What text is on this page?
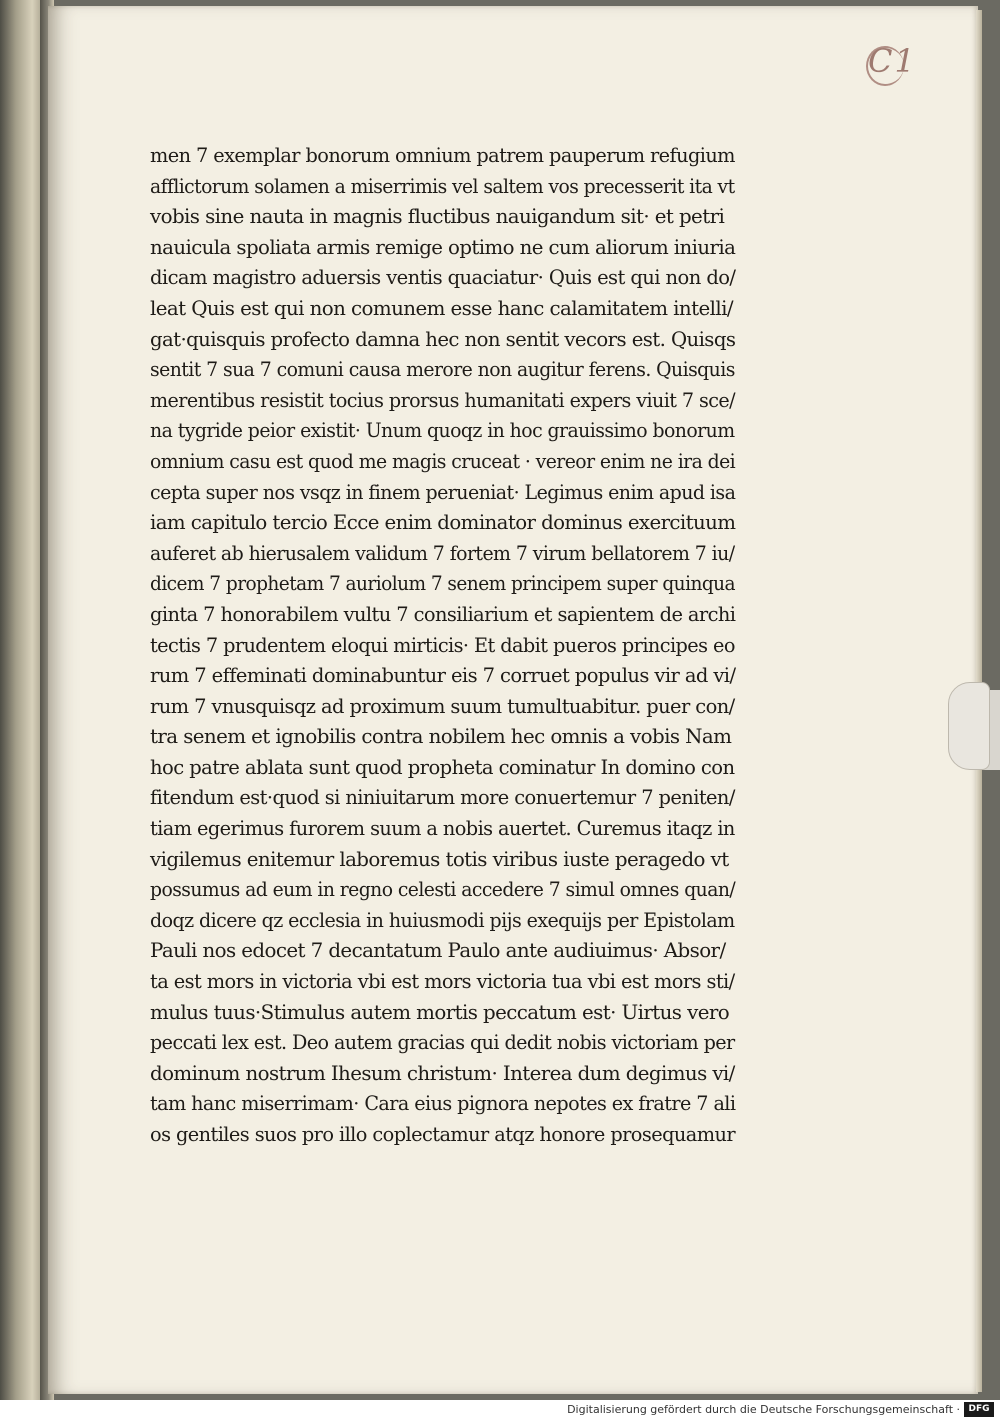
C1
men 7 exemplar bonorum omnium patrem pauperum refugium
afflictorum solamen a miserrimis vel saltem vos precesserit ita vt
vobis sine nauta in magnis fluctibus nauigandum sit· et petri
nauicula spoliata armis remige optimo ne cum aliorum iniuria
dicam magistro aduersis ventis quaciatur· Quis est qui non do/
leat Quis est qui non comunem esse hanc calamitatem intelli/
gat·quisquis profecto damna hec non sentit vecors est. Quisqs
sentit 7 sua 7 comuni causa merore non augitur ferens. Quisquis
merentibus resistit tocius prorsus humanitati expers viuit 7 sce/
na tygride peior existit· Unum quoqz in hoc grauissimo bonorum
omnium casu est quod me magis cruceat · vereor enim ne ira dei
cepta super nos vsqz in finem perueniat· Legimus enim apud isa
iam capitulo tercio Ecce enim dominator dominus exercituum
auferet ab hierusalem validum 7 fortem 7 virum bellatorem 7 iu/
dicem 7 prophetam 7 auriolum 7 senem principem super quinqua
ginta 7 honorabilem vultu 7 consiliarium et sapientem de archi
tectis 7 prudentem eloqui mirticis· Et dabit pueros principes eo
rum 7 effeminati dominabuntur eis 7 corruet populus vir ad vi/
rum 7 vnusquisqz ad proximum suum tumultuabitur. puer con/
tra senem et ignobilis contra nobilem hec omnis a vobis Nam
hoc patre ablata sunt quod propheta cominatur In domino con
fitendum est·quod si niniuitarum more conuertemur 7 peniten/
tiam egerimus furorem suum a nobis auertet. Curemus itaqz in
vigilemus enitemur laboremus totis viribus iuste peragedo vt
possumus ad eum in regno celesti accedere 7 simul omnes quan/
doqz dicere qz ecclesia in huiusmodi pijs exequijs per Epistolam
Pauli nos edocet 7 decantatum Paulo ante audiuimus· Absor/
ta est mors in victoria vbi est mors victoria tua vbi est mors sti/
mulus tuus·Stimulus autem mortis peccatum est· Uirtus vero
peccati lex est. Deo autem gracias qui dedit nobis victoriam per
dominum nostrum Ihesum christum· Interea dum degimus vi/
tam hanc miserrimam· Cara eius pignora nepotes ex fratre 7 ali
os gentiles suos pro illo coplectamur atqz honore prosequamur
Digitalisierung gefördert durch die Deutsche Forschungsgemeinschaft · DFG
